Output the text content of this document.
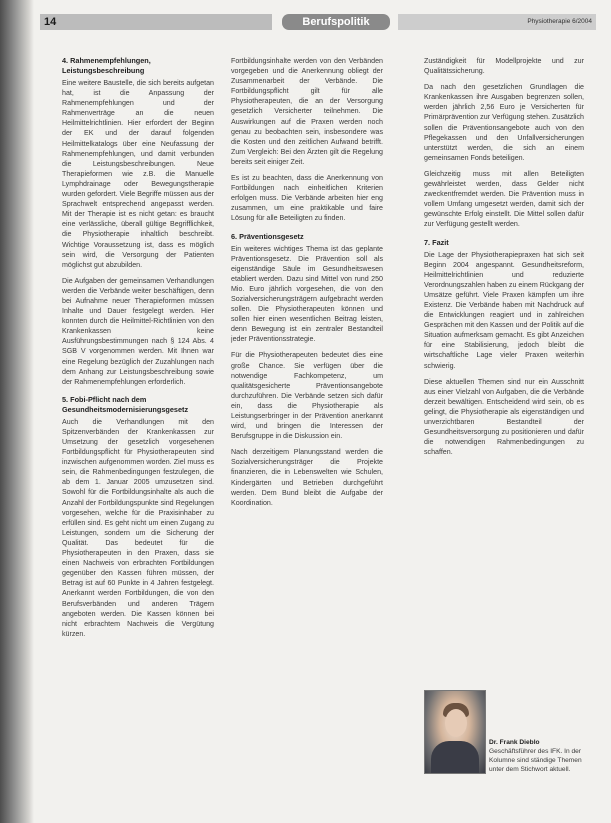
14	Berufspolitik	Physiotherapie 6/2004
4. Rahmenempfehlungen, Leistungsbeschreibung

Eine weitere Baustelle, die sich bereits aufgetan hat, ist die Anpassung der Rahmenempfehlungen und der Rahmenverträge an die neuen Heilmittelrichtlinien. Hier erfordert der Beginn der EK und der darauf folgenden Heilmittelkatalogs über eine Neufassung der Rahmenempfehlungen, und damit verbunden die Leistungsbeschreibungen. Neue Therapieformen wie z.B. die Manuelle Lymphdrainage oder Bewegungstherapie wurden gefordert. Viele Begriffe müssen aus der Sprachwelt entsprechend angepasst werden. Mit der Therapie ist es nicht getan: es braucht eine verlässliche, überall gültige Begrifflichkeit, die Physiotherapie inhaltlich beschreibt. Wichtige Voraussetzung ist, dass es möglich sein wird, die Versorgung der Patienten möglichst gut abzubilden.

Die Aufgaben der gemeinsamen Verhandlungen werden die Verbände weiter beschäftigen, denn bei Aufnahme neuer Therapieformen müssen Inhalte und Dauer festgelegt werden. Hier konnten durch die Heilmittel-Richtlinien von den Krankenkassen keine Ausführungsbestimmungen nach § 124 Abs. 4 SGB V vorgenommen werden. Mit Ihnen war eine Regelung bezüglich der Zuzahlungen nach dem Anhang zur Leistungsbeschreibung sowie der Rahmenempfehlungen erforderlich.

5. Fobi-Pflicht nach dem Gesundheitsmodernisierungsgesetz

Auch die Verhandlungen mit den Spitzenverbänden der Krankenkassen zur Umsetzung der gesetzlich vorgesehenen Fortbildungspflicht für Physiotherapeuten sind inzwischen aufgenommen worden. Ziel muss es sein, die Rahmenbedingungen festzulegen, die ab dem 1. Januar 2005 umzusetzen sind. Sowohl für die Fortbildungsinhalte als auch die Anzahl der Fortbildungspunkte sind Regelungen vorgesehen, welche für die Praxisinhaber zu erfüllen sind. Es geht nicht um einen Zugang zu Leistungen, sondern um die Sicherung der Qualität. Das bedeutet für die Physiotherapeuten in den Praxen, dass sie einen Nachweis von erbrachten Fortbildungen gegenüber den Kassen führen müssen, der Betrag ist auf 60 Punkte in 4 Jahren festgelegt. Anerkannt werden Fortbildungen, die von den Berufsverbänden und anderen Trägern angeboten werden. Die Kassen können bei nicht erbrachtem Nachweis die Vergütung kürzen.

Fortbildungsinhalte werden von den Verbänden vorgegeben und die Anerkennung obliegt der Zusammenarbeit der Verbände. Die Fortbildungspflicht gilt für alle Physiotherapeuten, die an der Versorgung gesetzlich Versicherter teilnehmen. Die Auswirkungen auf die Praxen werden noch genau zu beobachten sein, insbesondere was die Kosten und den zeitlichen Aufwand betrifft. Zum Vergleich: Bei den Ärzten gilt die Regelung bereits seit einiger Zeit.

Es ist zu beachten, dass die Anerkennung von Fortbildungen nach einheitlichen Kriterien erfolgen muss. Die Verbände arbeiten hier eng zusammen, um eine praktikable und faire Lösung für alle Beteiligten zu finden.

6. Präventionsgesetz

Ein weiteres wichtiges Thema ist das geplante Präventionsgesetz. Die Prävention soll als eigenständige Säule im Gesundheitswesen etabliert werden. Dazu sind Mittel von rund 250 Mio. Euro jährlich vorgesehen, die von den Sozialversicherungsträgern aufgebracht werden sollen. Die Physiotherapeuten können und sollen hier einen wesentlichen Beitrag leisten, denn Bewegung ist ein zentraler Bestandteil jeder Präventionsstrategie.

Für die Physiotherapeuten bedeutet dies eine große Chance. Sie verfügen über die notwendige Fachkompetenz, um qualitätsgesicherte Präventionsangebote durchzuführen. Die Verbände setzen sich dafür ein, dass die Physiotherapie als Leistungserbringer in der Prävention anerkannt wird, und bringen die Interessen der Berufsgruppe in die Diskussion ein.

Nach derzeitigem Planungsstand werden die Sozialversicherungsträger die Projekte finanzieren, die in Lebenswelten wie Schulen, Kindergärten und Betrieben durchgeführt werden. Dem Bund bleibt die Aufgabe der Koordination.

Zuständigkeit für Modellprojekte und zur Qualitätssicherung.

Da nach den gesetzlichen Grundlagen die Krankenkassen ihre Ausgaben begrenzen sollen, werden jährlich 2,56 Euro je Versicherten für Primärprävention zur Verfügung stehen. Zusätzlich sollen die Präventionsangebote auch von den Pflegekassen und den Unfallversicherungen unterstützt werden, die sich an einem gemeinsamen Fonds beteiligen.

Gleichzeitig muss mit allen Beteiligten gewährleistet werden, dass Gelder nicht zweckentfremdet werden. Die Prävention muss in vollem Umfang umgesetzt werden, damit sich der gewünschte Erfolg einstellt. Die Mittel sollen dafür zur Verfügung gestellt werden.

7. Fazit

Die Lage der Physiotherapiepraxen hat sich seit Beginn 2004 angespannt. Gesundheitsreform, Heilmittelrichtlinien und reduzierte Verordnungszahlen haben zu einem Rückgang der Umsätze geführt. Viele Praxen kämpfen um ihre Existenz. Die Verbände haben mit Nachdruck auf die Entwicklungen reagiert und in zahlreichen Gesprächen mit den Kassen und der Politik auf die Situation aufmerksam gemacht. Es gibt Anzeichen für eine Stabilisierung, jedoch bleibt die wirtschaftliche Lage vieler Praxen weiterhin schwierig.

Diese aktuellen Themen sind nur ein Ausschnitt aus einer Vielzahl von Aufgaben, die die Verbände derzeit bewältigen. Entscheidend wird sein, ob es gelingt, die Physiotherapie als eigenständigen und unverzichtbaren Bestandteil der Gesundheitsversorgung zu positionieren und dafür die notwendigen Rahmenbedingungen zu schaffen.

Dr. Frank Dieblo
Geschäftsführer des IFK. In der Kolumne sind ständige Themen unter dem Stichwort aktuell.
